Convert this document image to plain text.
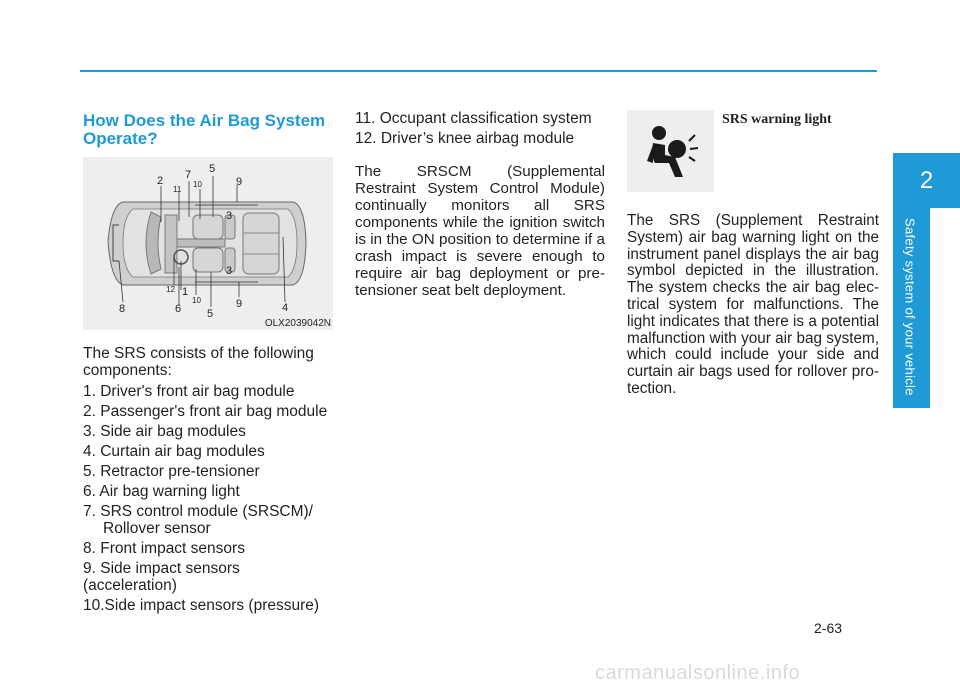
2
Safety system of your vehicle
How Does the Air Bag System Operate?
2 7 5
9
11
10
3
3
12 1
10	9
8	6 5	4
OLX2039042N

The SRS consists of the following components:

1. Driver's front air bag module
2. Passenger's front air bag module
3. Side air bag modules
4. Curtain air bag modules
5. Retractor pre-tensioner
6. Air bag warning light
7. SRS control module (SRSCM)/
Rollover sensor
8. Front impact sensors
9. Side impact sensors (acceleration)
10.Side impact sensors (pressure)
11. Occupant classification system
12. Driver’s knee airbag module

The SRSCM (Supplemental Restraint System Control Module) continually monitors all SRS components while the ignition switch is in the ON position to determine if a crash impact is severe enough to require air bag deployment or pre-tensioner seat belt deployment.

SRS warning light

The SRS (Supplement Restraint System) air bag warning light on the instrument panel displays the air bag symbol depicted in the illustration. The system checks the air bag elec-trical system for malfunctions. The light indicates that there is a potential malfunction with your air bag system, which could include your side and curtain air bags used for rollover pro-tection.

2-63
carmanualsonline.info
